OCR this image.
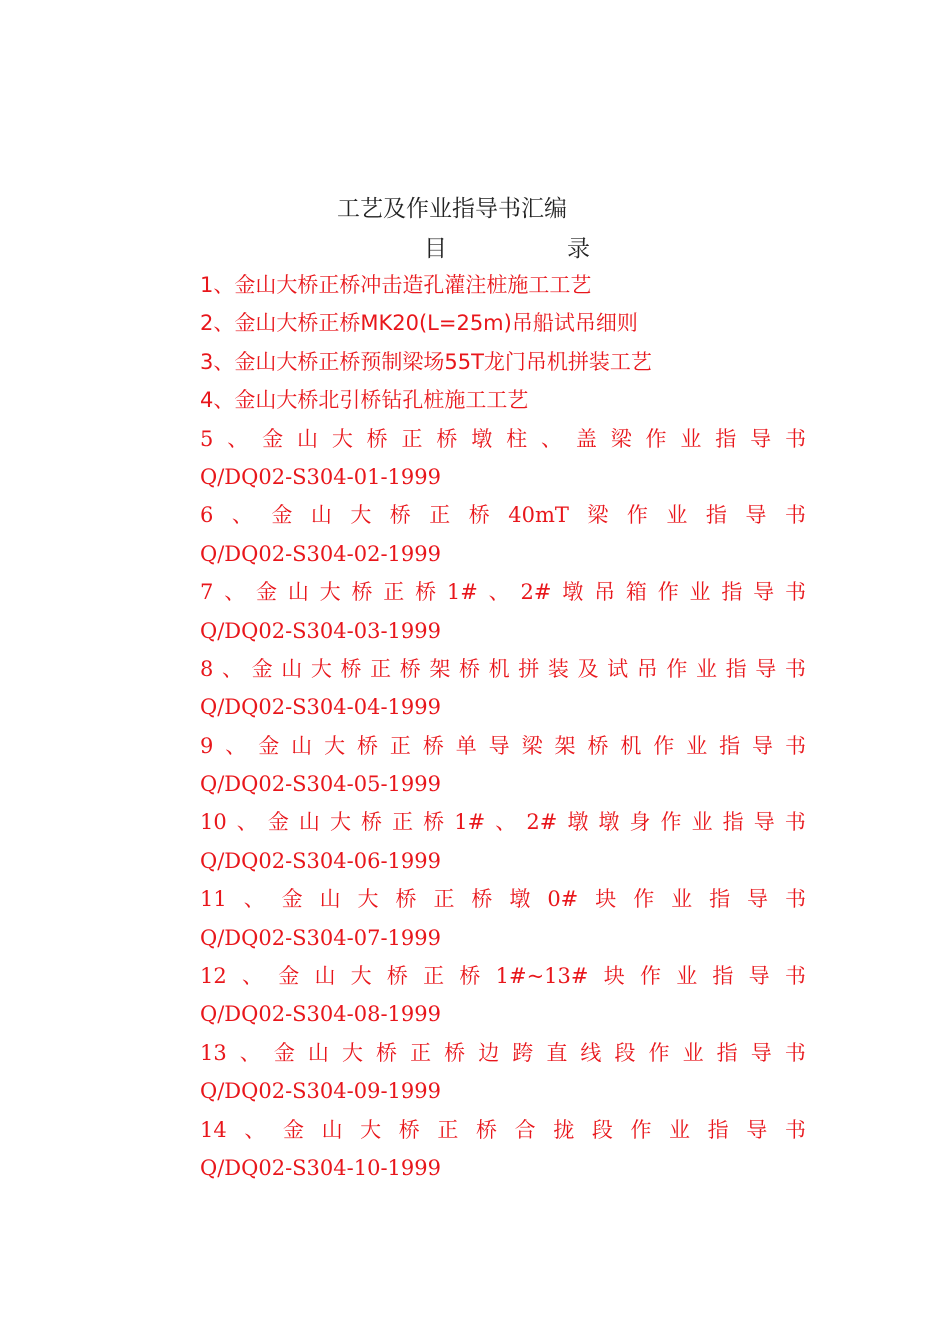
工艺及作业指导书汇编
目	录
1、金山大桥正桥冲击造孔灌注桩施工工艺
2、金山大桥正桥MK20(L=25m)吊船试吊细则
3、金山大桥正桥预制梁场55T龙门吊机拼装工艺
4、金山大桥北引桥钻孔桩施工工艺
5 、 金 山 大 桥 正 桥 墩 柱 、 盖 梁 作 业 指 导 书
Q/DQ02-S304-01-1999
6 、 金 山 大 桥 正 桥 40mT 梁 作 业 指 导 书
Q/DQ02-S304-02-1999
7 、 金 山 大 桥 正 桥 1# 、 2# 墩 吊 箱 作 业 指 导 书
Q/DQ02-S304-03-1999
8 、 金 山 大 桥 正 桥 架 桥 机 拼 装 及 试 吊 作 业 指 导 书
Q/DQ02-S304-04-1999
9 、 金 山 大 桥 正 桥 单 导 梁 架 桥 机 作 业 指 导 书
Q/DQ02-S304-05-1999
10 、 金 山 大 桥 正 桥 1# 、 2# 墩 墩 身 作 业 指 导 书
Q/DQ02-S304-06-1999
11 、 金 山 大 桥 正 桥 墩 0# 块 作 业 指 导 书
Q/DQ02-S304-07-1999
12 、 金 山 大 桥 正 桥 1#~13# 块 作 业 指 导 书
Q/DQ02-S304-08-1999
13 、 金 山 大 桥 正 桥 边 跨 直 线 段 作 业 指 导 书
Q/DQ02-S304-09-1999
14 、 金 山 大 桥 正 桥 合 拢 段 作 业 指 导 书
Q/DQ02-S304-10-1999
